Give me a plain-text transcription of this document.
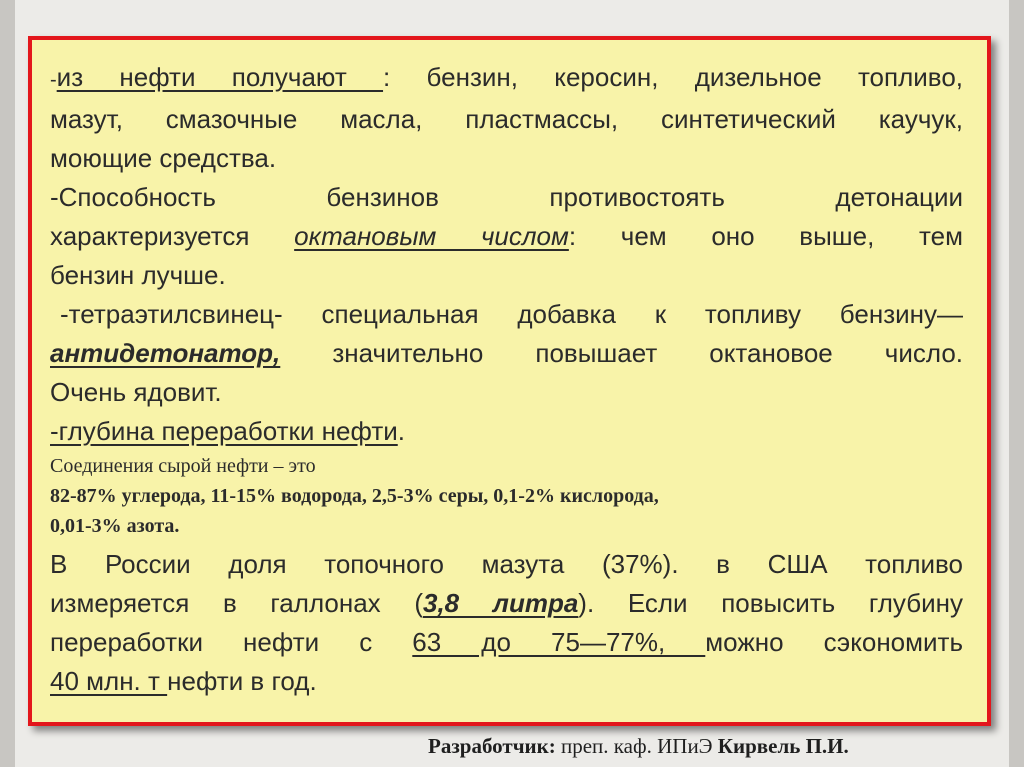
-из нефти получают : бензин, керосин, дизельное топливо,

мазут, смазочные масла, пластмассы, синтетический каучук,

моющие средства.

-Способность бензинов противостоять детонации

характеризуется октановым числом: чем оно выше, тем

бензин лучше.

-тетраэтилсвинец- специальная добавка к топливу бензину—

антидетонатор, значительно повышает октановое число.

Очень ядовит.

-глубина переработки нефти.

Соединения сырой нефти – это

82-87% углерода, 11-15% водорода, 2,5-3% серы, 0,1-2% кислорода,

0,01-3% азота.

В России доля топочного мазута (37%). в США топливо

измеряется в галлонах (3,8 литра). Если повысить глубину

переработки нефти с 63 до 75—77%, можно сэкономить

40 млн. т нефти в год.

Разработчик: преп. каф. ИПиЭ Кирвель П.И.
